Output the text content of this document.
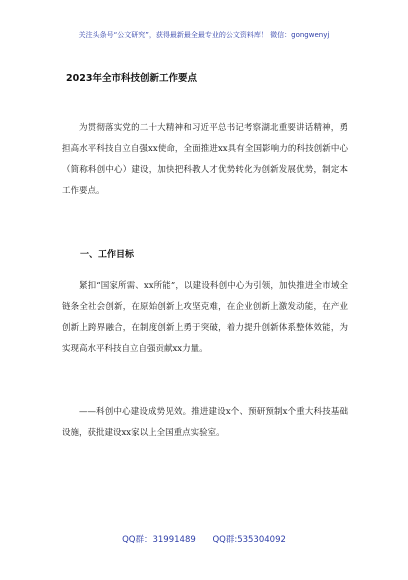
关注头条号“公文研究”，获得最新最全最专业的公文资料库！ 微信：gongwenyj
2023年全市科技创新工作要点

为贯彻落实党的二十大精神和习近平总书记考察湖北重要讲话精神，勇担高水平科技自立自强xx使命，全面推进xx具有全国影响力的科技创新中心（简称科创中心）建设，加快把科教人才优势转化为创新发展优势，制定本工作要点。

一、工作目标

紧扣“国家所需、xx所能”，以建设科创中心为引领，加快推进全市域全链条全社会创新，在原始创新上攻坚克难，在企业创新上激发动能，在产业创新上跨界融合，在制度创新上勇于突破，着力提升创新体系整体效能，为实现高水平科技自立自强贡献xx力量。

——科创中心建设成势见效。推进建设x个、预研预制x个重大科技基础设施，获批建设xx家以上全国重点实验室。

QQ群：31991489 QQ群:535304092
